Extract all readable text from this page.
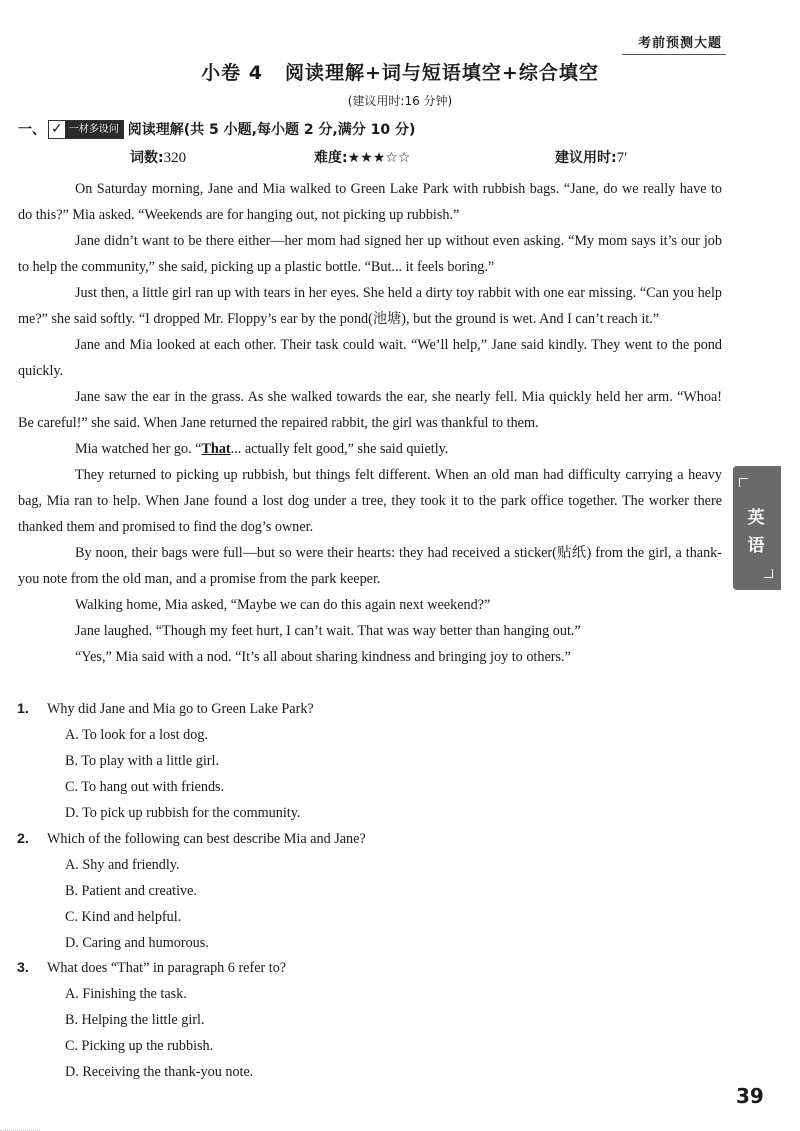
考前预测大题
小卷 4 阅读理解+词与短语填空+综合填空
(建议用时:16 分钟)
一、 ✓ 一材多设问 阅读理解(共 5 小题,每小题 2 分,满分 10 分)
词数:320	难度:★★★☆☆	建议用时:7′

On Saturday morning, Jane and Mia walked to Green Lake Park with rubbish bags. “Jane, do we really have to do this?” Mia asked. “Weekends are for hanging out, not picking up rubbish.”

Jane didn’t want to be there either—her mom had signed her up without even asking. “My mom says it’s our job to help the community,” she said, picking up a plastic bottle. “But... it feels boring.”

Just then, a little girl ran up with tears in her eyes. She held a dirty toy rabbit with one ear missing. “Can you help me?” she said softly. “I dropped Mr. Floppy’s ear by the pond(池塘), but the ground is wet. And I can’t reach it.”

Jane and Mia looked at each other. Their task could wait. “We’ll help,” Jane said kindly. They went to the pond quickly.

Jane saw the ear in the grass. As she walked towards the ear, she nearly fell. Mia quickly held her arm. “Whoa! Be careful!” she said. When Jane returned the repaired rabbit, the girl was thankful to them.

Mia watched her go. “That... actually felt good,” she said quietly.

They returned to picking up rubbish, but things felt different. When an old man had difficulty carrying a heavy bag, Mia ran to help. When Jane found a lost dog under a tree, they took it to the park office together. The worker there thanked them and promised to find the dog’s owner.

By noon, their bags were full—but so were their hearts: they had received a sticker(贴纸) from the girl, a thank-you note from the old man, and a promise from the park keeper.

Walking home, Mia asked, “Maybe we can do this again next weekend?”

Jane laughed. “Though my feet hurt, I can’t wait. That was way better than hanging out.”

“Yes,” Mia said with a nod. “It’s all about sharing kindness and bringing joy to others.”

1. Why did Jane and Mia go to Green Lake Park?
A. To look for a lost dog.
B. To play with a little girl.
C. To hang out with friends.
D. To pick up rubbish for the community.
2. Which of the following can best describe Mia and Jane?
A. Shy and friendly.
B. Patient and creative.
C. Kind and helpful.
D. Caring and humorous.
3. What does “That” in paragraph 6 refer to?
A. Finishing the task.
B. Helping the little girl.
C. Picking up the rubbish.
D. Receiving the thank-you note.
英
语
39
